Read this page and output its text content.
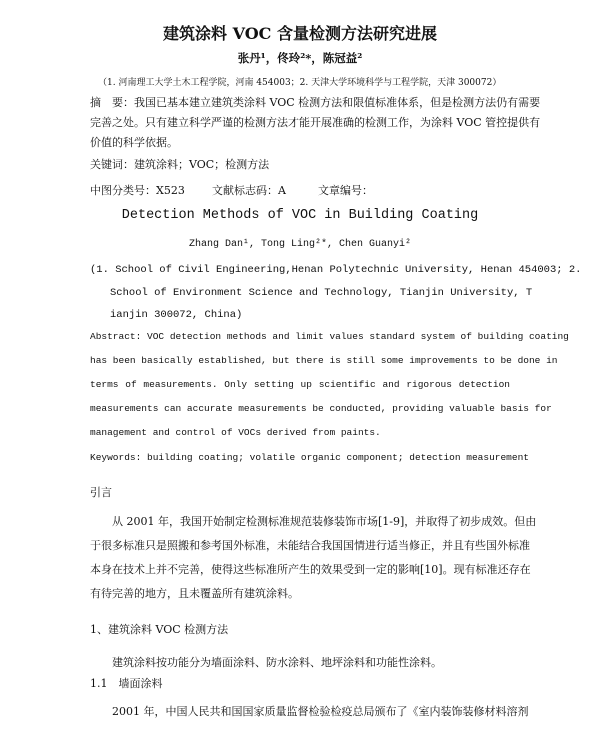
建筑涂料 VOC 含量检测方法研究进展
张丹¹，佟玲²*，陈冠益²
（1. 河南理工大学土木工程学院，河南 454003；2. 天津大学环境科学与工程学院，天津 300072）
摘　要：我国已基本建立建筑类涂料 VOC 检测方法和限值标准体系，但是检测方法仍有需要
完善之处。只有建立科学严谨的检测方法才能开展准确的检测工作，为涂料 VOC 管控提供有
价值的科学依据。
关键词：建筑涂料；VOC；检测方法
中图分类号：X523 文献标志码：A	文章编号：
Detection Methods of VOC in Building Coating
Zhang Dan¹, Tong Ling²*, Chen Guanyi²
(1. School of Civil Engineering,Henan Polytechnic University, Henan 454003; 2.
School of Environment Science and Technology, Tianjin University, T
ianjin 300072, China)
Abstract: VOC detection methods and limit values standard system of building coating
has been basically established, but there is still some improvements to be done in
terms of measurements. Only setting up scientific and rigorous detection
measurements can accurate measurements be conducted, providing valuable basis for
management and control of VOCs derived from paints.
Keywords: building coating; volatile organic component; detection measurement
引言
从 2001 年，我国开始制定检测标准规范装修装饰市场[1-9]，并取得了初步成效。但由
于很多标准只是照搬和参考国外标准，未能结合我国国情进行适当修正，并且有些国外标准
本身在技术上并不完善，使得这些标准所产生的效果受到一定的影响[10]。现有标准还存在
有待完善的地方，且未覆盖所有建筑涂料。
1、建筑涂料 VOC 检测方法
建筑涂料按功能分为墙面涂料、防水涂料、地坪涂料和功能性涂料。
1.1　墙面涂料
2001 年，中国人民共和国国家质量监督检验检疫总局颁布了《室内装饰装修材料溶剂
